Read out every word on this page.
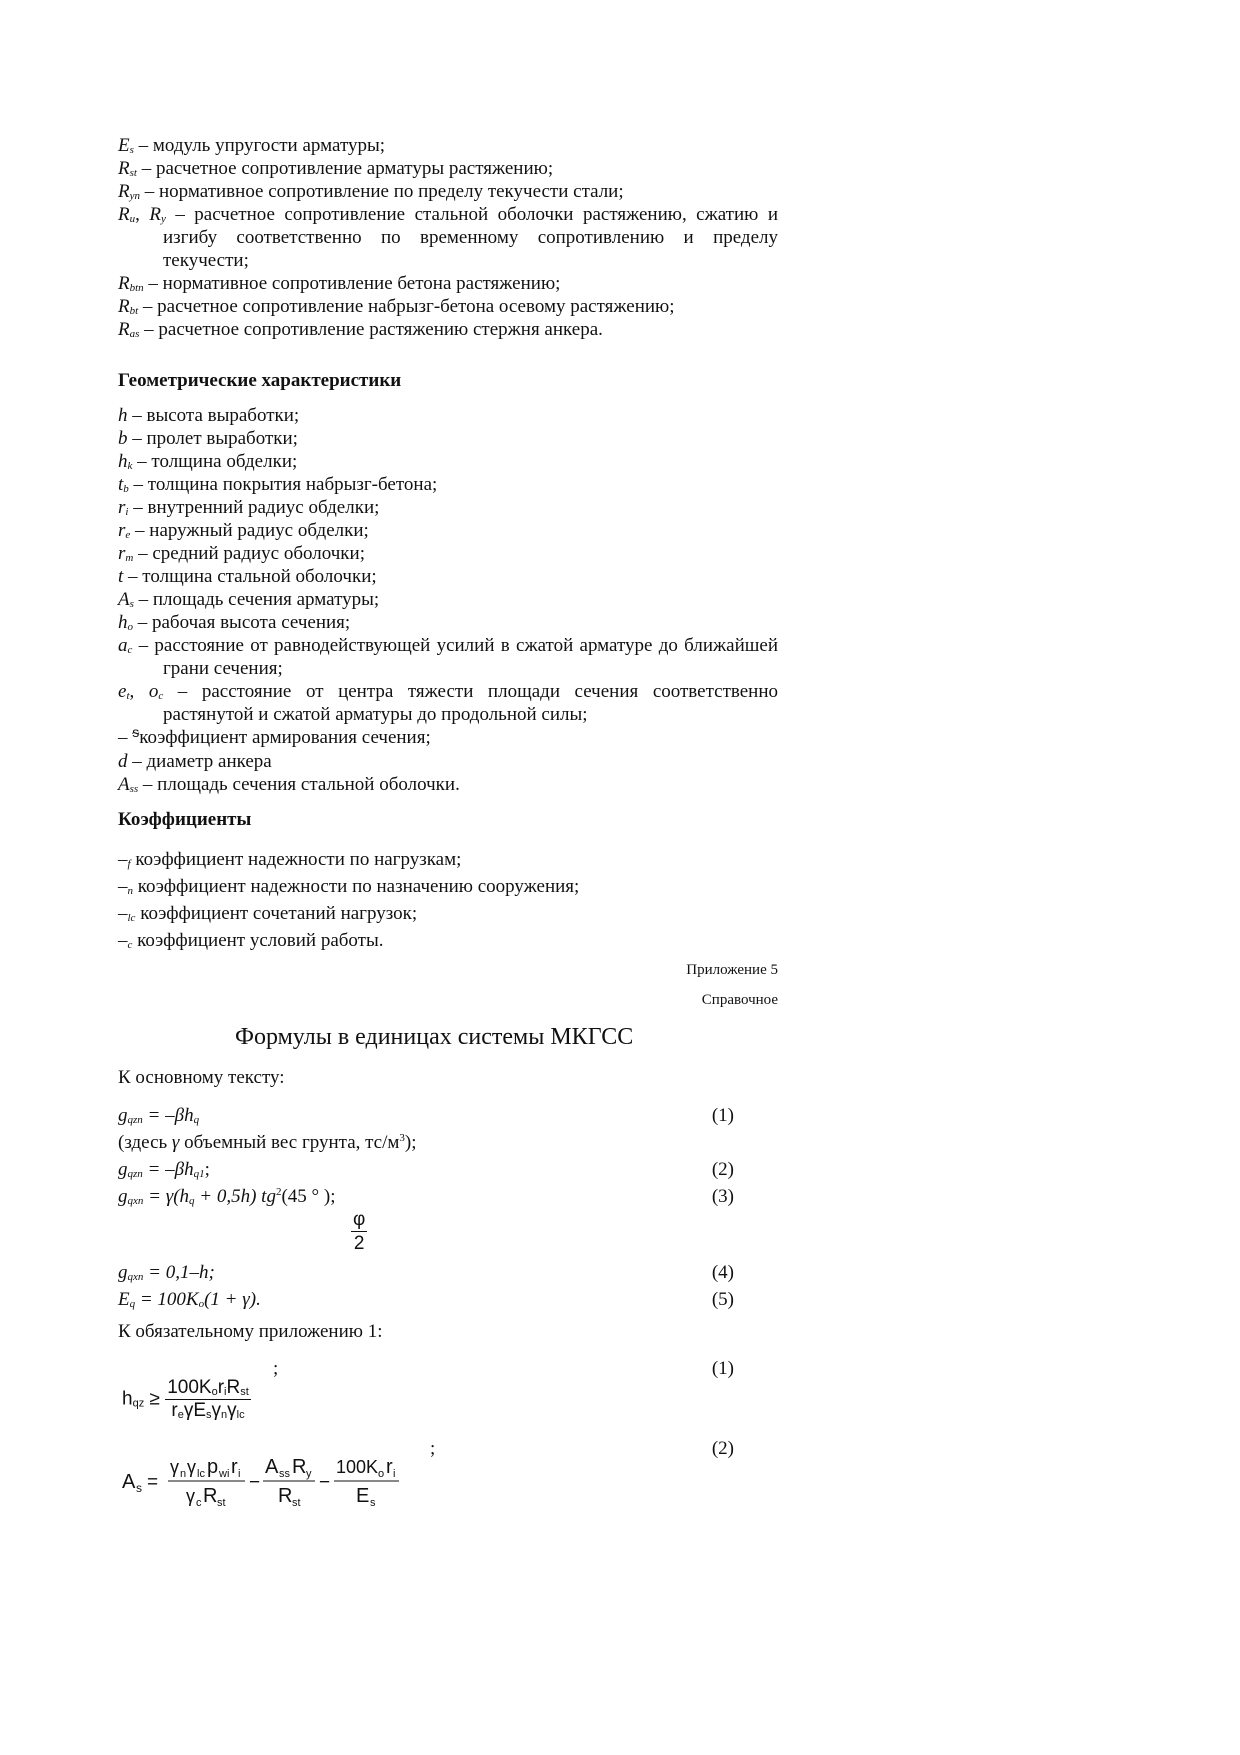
$E_s$ – модуль упругости арматуры;
$R_{st}$ – расчетное сопротивление арматуры растяжению;
$R_{yn}$ – нормативное сопротивление по пределу текучести стали;
$R_u$, $R_y$ – расчетное сопротивление стальной оболочки растяжению, сжатию и изгибу соответственно по временному сопротивлению и пределу текучести;
$R_{btn}$ – нормативное сопротивление бетона растяжению;
$R_{bt}$ – расчетное сопротивление набрызг-бетона осевому растяжению;
$R_{as}$ – расчетное сопротивление растяжению стержня анкера.
Геометрические характеристики
h – высота выработки;
b – пролет выработки;
$h_k$ – толщина обделки;
$t_b$ – толщина покрытия набрызг-бетона;
$r_i$ – внутренний радиус обделки;
$r_e$ – наружный радиус обделки;
$r_m$ – средний радиус оболочки;
t – толщина стальной оболочки;
$A_s$ – площадь сечения арматуры;
$h_o$ – рабочая высота сечения;
$a_c$ – расстояние от равнодействующей усилий в сжатой арматуре до ближайшей грани сечения;
$e_t$, $o_c$ – расстояние от центра тяжести площади сечения соответственно растянутой и сжатой арматуры до продольной силы;
– $^ᵴ$коэффициент армирования сечения;
d – диаметр анкера
$A_{ss}$ – площадь сечения стальной оболочки.
Коэффициенты
$-_f$ коэффициент надежности по нагрузкам;
$-_n$ коэффициент надежности по назначению сооружения;
$-_{lc}$ коэффициент сочетаний нагрузок;
$-_c$ коэффициент условий работы.
Приложение 5
Справочное
Формулы в единицах системы МКГСС
К основному тексту:
$g_{qzn} = -\beta h_q$	(1)
(здесь γ объемный вес грунта, $тс/м^3$);
$g_{qzn} = -\beta h_{q1}$;	(2)
$g_{qxn} = \gamma(h_q + 0,5h)$ $tg^2(45$ ° );	(3)
$\frac{\varphi}{2}$
$g_{qxn} = 0,1-h$;	(4)
$E_q = 100K_o(1 + \gamma)$.	(5)
К обязательному приложению 1:
;	(1)
$h_{qz} \ge \frac{100K_or_iR_{st}}{r_e\gamma E_s\gamma_n\gamma_{lc}}$
;	(2)
A s =
γ n γ lc p wi r i
γ c R st
−
A ss R y
R st
−
100K o r i
E s
